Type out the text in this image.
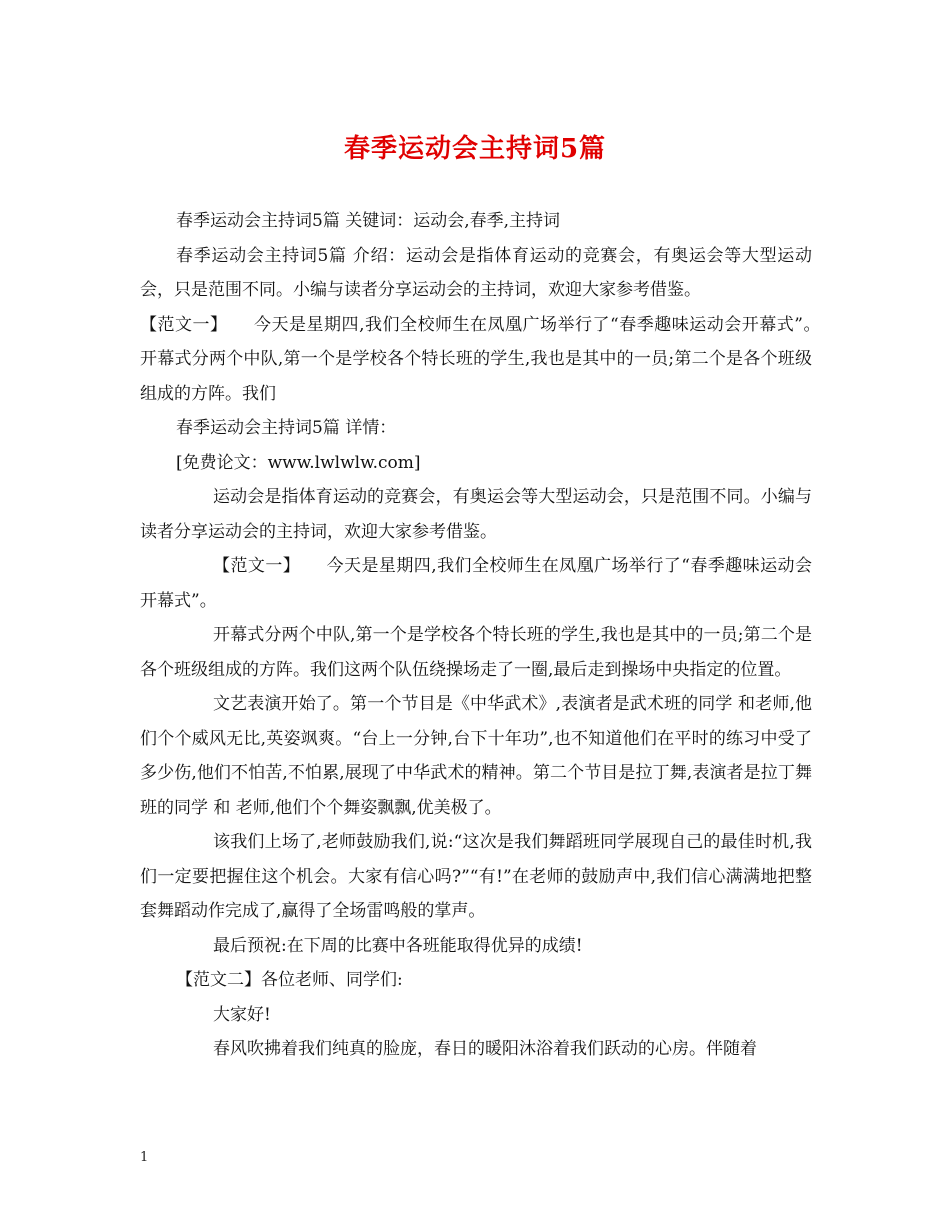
春季运动会主持词5篇

春季运动会主持词5篇 关键词：运动会,春季,主持词

春季运动会主持词5篇 介绍：运动会是指体育运动的竞赛会，有奥运会等大型运动会，只是范围不同。小编与读者分享运动会的主持词，欢迎大家参考借鉴。

【范文一】　　今天是星期四,我们全校师生在凤凰广场举行了“春季趣味运动会开幕式”。　　开幕式分两个中队,第一个是学校各个特长班的学生,我也是其中的一员;第二个是各个班级组成的方阵。我们

春季运动会主持词5篇 详情：

[免费论文：www.lwlwlw.com]

运动会是指体育运动的竞赛会，有奥运会等大型运动会，只是范围不同。小编与读者分享运动会的主持词，欢迎大家参考借鉴。

【范文一】　　今天是星期四,我们全校师生在凤凰广场举行了“春季趣味运动会开幕式”。

开幕式分两个中队,第一个是学校各个特长班的学生,我也是其中的一员;第二个是各个班级组成的方阵。我们这两个队伍绕操场走了一圈,最后走到操场中央指定的位置。

文艺表演开始了。第一个节目是《中华武术》,表演者是武术班的同学 和老师,他们个个威风无比,英姿飒爽。“台上一分钟,台下十年功”,也不知道他们在平时的练习中受了多少伤,他们不怕苦,不怕累,展现了中华武术的精神。第二个节目是拉丁舞,表演者是拉丁舞班的同学 和 老师,他们个个舞姿飘飘,优美极了。

该我们上场了,老师鼓励我们,说:“这次是我们舞蹈班同学展现自己的最佳时机,我们一定要把握住这个机会。大家有信心吗?”“有!”在老师的鼓励声中,我们信心满满地把整套舞蹈动作完成了,赢得了全场雷鸣般的掌声。

最后预祝:在下周的比赛中各班能取得优异的成绩!

【范文二】各位老师、同学们:

大家好!

春风吹拂着我们纯真的脸庞，春日的暖阳沐浴着我们跃动的心房。伴随着

1
